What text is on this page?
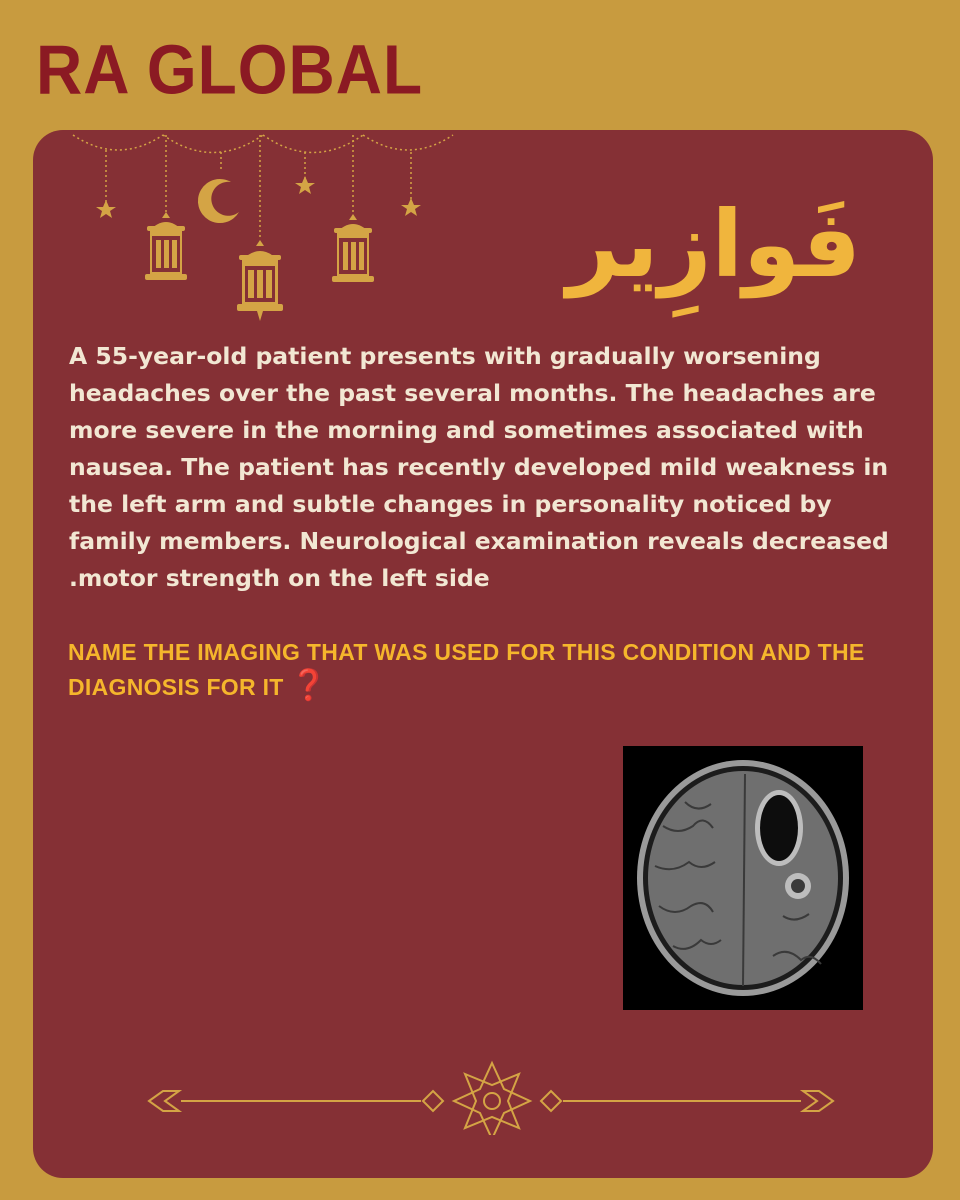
RA GLOBAL
فَوازِير
A 55-year-old patient presents with gradually worsening headaches over the past several months. The headaches are more severe in the morning and sometimes associated with nausea. The patient has recently developed mild weakness in the left arm and subtle changes in personality noticed by family members. Neurological examination reveals decreased .motor strength on the left side
NAME THE IMAGING THAT WAS USED FOR THIS CONDITION AND THE DIAGNOSIS FOR IT ❓
